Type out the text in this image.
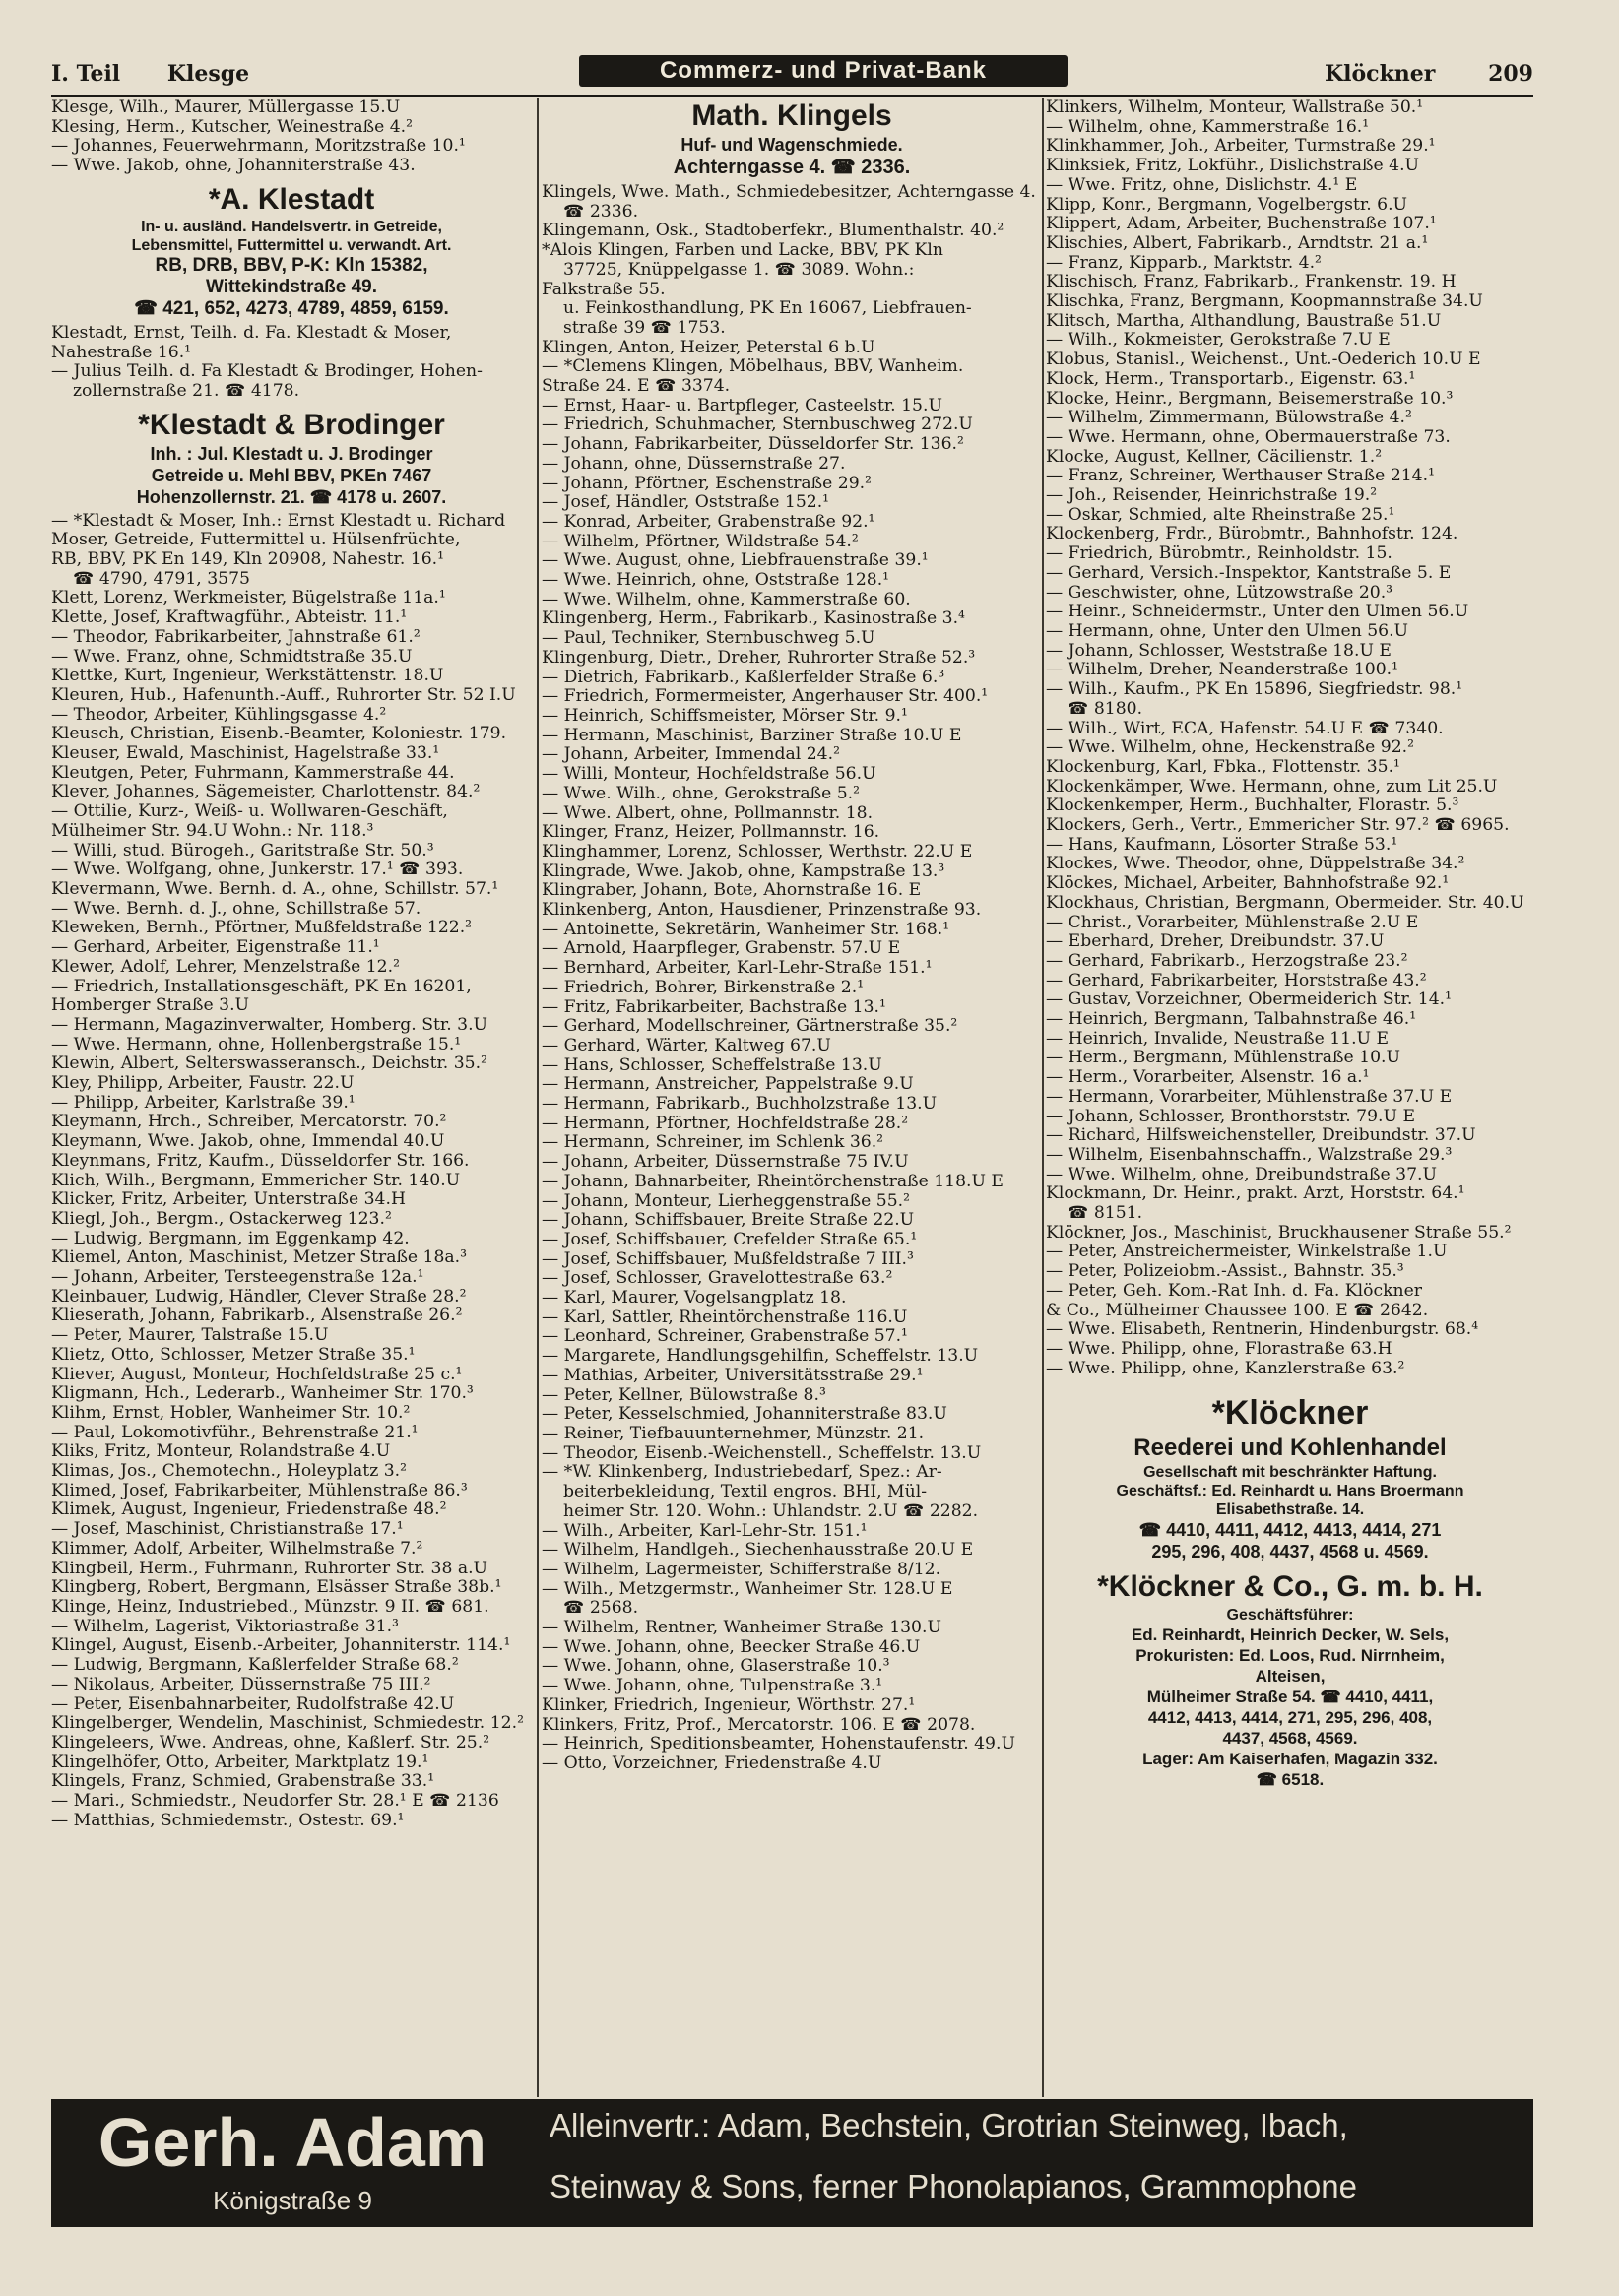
I. Teil Klesge	Commerz- und Privat-Bank	Klöckner 209
Klesge, Wilh., Maurer, Müllergasse 15.U
Klesing, Herm., Kutscher, Weinestraße 4.²
— Johannes, Feuerwehrmann, Moritzstraße 10.¹
— Wwe. Jakob, ohne, Johanniterstraße 43.
*A. Klestadt
In- u. ausländ. Handelsvertr. in Getreide,
Lebensmittel, Futtermittel u. verwandt. Art.
RB, DRB, BBV, P-K: Kln 15382,
Wittekindstraße 49.
☎ 421, 652, 4273, 4789, 4859, 6159.
Klestadt, Ernst, Teilh. d. Fa. Klestadt & Moser,
Nahestraße 16.¹
— Julius Teilh. d. Fa Klestadt & Brodinger, Hohen-
zollernstraße 21. ☎ 4178.
*Klestadt & Brodinger
Inh. : Jul. Klestadt u. J. Brodinger
Getreide u. Mehl BBV, PKEn 7467
Hohenzollernstr. 21. ☎ 4178 u. 2607.
— *Klestadt & Moser, Inh.: Ernst Klestadt u. Richard
Moser, Getreide, Futtermittel u. Hülsenfrüchte,
RB, BBV, PK En 149, Kln 20908, Nahestr. 16.¹
☎ 4790, 4791, 3575
Klett, Lorenz, Werkmeister, Bügelstraße 11a.¹
Klette, Josef, Kraftwagführ., Abteistr. 11.¹
— Theodor, Fabrikarbeiter, Jahnstraße 61.²
— Wwe. Franz, ohne, Schmidtstraße 35.U
Klettke, Kurt, Ingenieur, Werkstättenstr. 18.U
Kleuren, Hub., Hafenunth.-Auff., Ruhrorter Str. 52 I.U
— Theodor, Arbeiter, Kühlingsgasse 4.²
Kleusch, Christian, Eisenb.-Beamter, Koloniestr. 179.
Kleuser, Ewald, Maschinist, Hagelstraße 33.¹
Kleutgen, Peter, Fuhrmann, Kammerstraße 44.
Klever, Johannes, Sägemeister, Charlottenstr. 84.²
— Ottilie, Kurz-, Weiß- u. Wollwaren-Geschäft,
Mülheimer Str. 94.U Wohn.: Nr. 118.³
— Willi, stud. Bürogeh., Garitstraße Str. 50.³
— Wwe. Wolfgang, ohne, Junkerstr. 17.¹ ☎ 393.
Klevermann, Wwe. Bernh. d. A., ohne, Schillstr. 57.¹
— Wwe. Bernh. d. J., ohne, Schillstraße 57.
Kleweken, Bernh., Pförtner, Mußfeldstraße 122.²
— Gerhard, Arbeiter, Eigenstraße 11.¹
Klewer, Adolf, Lehrer, Menzelstraße 12.²
— Friedrich, Installationsgeschäft, PK En 16201,
Homberger Straße 3.U
— Hermann, Magazinverwalter, Homberg. Str. 3.U
— Wwe. Hermann, ohne, Hollenbergstraße 15.¹
Klewin, Albert, Selterswasseransch., Deichstr. 35.²
Kley, Philipp, Arbeiter, Faustr. 22.U
— Philipp, Arbeiter, Karlstraße 39.¹
Kleymann, Hrch., Schreiber, Mercatorstr. 70.²
Kleymann, Wwe. Jakob, ohne, Immendal 40.U
Kleynmans, Fritz, Kaufm., Düsseldorfer Str. 166.
Klich, Wilh., Bergmann, Emmericher Str. 140.U
Klicker, Fritz, Arbeiter, Unterstraße 34.H
Kliegl, Joh., Bergm., Ostackerweg 123.²
— Ludwig, Bergmann, im Eggenkamp 42.
Kliemel, Anton, Maschinist, Metzer Straße 18a.³
— Johann, Arbeiter, Tersteegenstraße 12a.¹
Kleinbauer, Ludwig, Händler, Clever Straße 28.²
Klieserath, Johann, Fabrikarb., Alsenstraße 26.²
— Peter, Maurer, Talstraße 15.U
Klietz, Otto, Schlosser, Metzer Straße 35.¹
Kliever, August, Monteur, Hochfeldstraße 25 c.¹
Kligmann, Hch., Lederarb., Wanheimer Str. 170.³
Klihm, Ernst, Hobler, Wanheimer Str. 10.²
— Paul, Lokomotivführ., Behrenstraße 21.¹
Kliks, Fritz, Monteur, Rolandstraße 4.U
Klimas, Jos., Chemotechn., Holeyplatz 3.²
Klimed, Josef, Fabrikarbeiter, Mühlenstraße 86.³
Klimek, August, Ingenieur, Friedenstraße 48.²
— Josef, Maschinist, Christianstraße 17.¹
Klimmer, Adolf, Arbeiter, Wilhelmstraße 7.²
Klingbeil, Herm., Fuhrmann, Ruhrorter Str. 38 a.U
Klingberg, Robert, Bergmann, Elsässer Straße 38b.¹
Klinge, Heinz, Industriebed., Münzstr. 9 II. ☎ 681.
— Wilhelm, Lagerist, Viktoriastraße 31.³
Klingel, August, Eisenb.-Arbeiter, Johanniterstr. 114.¹
— Ludwig, Bergmann, Kaßlerfelder Straße 68.²
— Nikolaus, Arbeiter, Düssernstraße 75 III.²
— Peter, Eisenbahnarbeiter, Rudolfstraße 42.U
Klingelberger, Wendelin, Maschinist, Schmiedestr. 12.²
Klingeleers, Wwe. Andreas, ohne, Kaßlerf. Str. 25.²
Klingelhöfer, Otto, Arbeiter, Marktplatz 19.¹
Klingels, Franz, Schmied, Grabenstraße 33.¹
— Mari., Schmiedstr., Neudorfer Str. 28.¹ E ☎ 2136
— Matthias, Schmiedemstr., Ostestr. 69.¹
Math. Klingels
Huf- und Wagenschmiede.
Achterngasse 4. ☎ 2336.
Klingels, Wwe. Math., Schmiedebesitzer, Achterngasse 4.
☎ 2336.
Klingemann, Osk., Stadtoberfekr., Blumenthalstr. 40.²
*Alois Klingen, Farben und Lacke, BBV, PK Kln
37725, Knüppelgasse 1. ☎ 3089. Wohn.:
Falkstraße 55.
u. Feinkosthandlung, PK En 16067, Liebfrauen-
straße 39 ☎ 1753.
Klingen, Anton, Heizer, Peterstal 6 b.U
— *Clemens Klingen, Möbelhaus, BBV, Wanheim.
Straße 24. E ☎ 3374.
— Ernst, Haar- u. Bartpfleger, Casteelstr. 15.U
— Friedrich, Schuhmacher, Sternbuschweg 272.U
— Johann, Fabrikarbeiter, Düsseldorfer Str. 136.²
— Johann, ohne, Düssernstraße 27.
— Johann, Pförtner, Eschenstraße 29.²
— Josef, Händler, Oststraße 152.¹
— Konrad, Arbeiter, Grabenstraße 92.¹
— Wilhelm, Pförtner, Wildstraße 54.²
— Wwe. August, ohne, Liebfrauenstraße 39.¹
— Wwe. Heinrich, ohne, Oststraße 128.¹
— Wwe. Wilhelm, ohne, Kammerstraße 60.
Klingenberg, Herm., Fabrikarb., Kasinostraße 3.⁴
— Paul, Techniker, Sternbuschweg 5.U
Klingenburg, Dietr., Dreher, Ruhrorter Straße 52.³
— Dietrich, Fabrikarb., Kaßlerfelder Straße 6.³
— Friedrich, Formermeister, Angerhauser Str. 400.¹
— Heinrich, Schiffsmeister, Mörser Str. 9.¹
— Hermann, Maschinist, Barziner Straße 10.U E
— Johann, Arbeiter, Immendal 24.²
— Willi, Monteur, Hochfeldstraße 56.U
— Wwe. Wilh., ohne, Gerokstraße 5.²
— Wwe. Albert, ohne, Pollmannstr. 18.
Klinger, Franz, Heizer, Pollmannstr. 16.
Klinghammer, Lorenz, Schlosser, Werthstr. 22.U E
Klingrade, Wwe. Jakob, ohne, Kampstraße 13.³
Klingraber, Johann, Bote, Ahornstraße 16. E
Klinkenberg, Anton, Hausdiener, Prinzenstraße 93.
— Antoinette, Sekretärin, Wanheimer Str. 168.¹
— Arnold, Haarpfleger, Grabenstr. 57.U E
— Bernhard, Arbeiter, Karl-Lehr-Straße 151.¹
— Friedrich, Bohrer, Birkenstraße 2.¹
— Fritz, Fabrikarbeiter, Bachstraße 13.¹
— Gerhard, Modellschreiner, Gärtnerstraße 35.²
— Gerhard, Wärter, Kaltweg 67.U
— Hans, Schlosser, Scheffelstraße 13.U
— Hermann, Anstreicher, Pappelstraße 9.U
— Hermann, Fabrikarb., Buchholzstraße 13.U
— Hermann, Pförtner, Hochfeldstraße 28.²
— Hermann, Schreiner, im Schlenk 36.²
— Johann, Arbeiter, Düssernstraße 75 IV.U
— Johann, Bahnarbeiter, Rheintörchenstraße 118.U E
— Johann, Monteur, Lierheggenstraße 55.²
— Johann, Schiffsbauer, Breite Straße 22.U
— Josef, Schiffsbauer, Crefelder Straße 65.¹
— Josef, Schiffsbauer, Mußfeldstraße 7 III.³
— Josef, Schlosser, Gravelottestraße 63.²
— Karl, Maurer, Vogelsangplatz 18.
— Karl, Sattler, Rheintörchenstraße 116.U
— Leonhard, Schreiner, Grabenstraße 57.¹
— Margarete, Handlungsgehilfin, Scheffelstr. 13.U
— Mathias, Arbeiter, Universitätsstraße 29.¹
— Peter, Kellner, Bülowstraße 8.³
— Peter, Kesselschmied, Johanniterstraße 83.U
— Reiner, Tiefbauunternehmer, Münzstr. 21.
— Theodor, Eisenb.-Weichenstell., Scheffelstr. 13.U
— *W. Klinkenberg, Industriebedarf, Spez.: Ar-
beiterbekleidung, Textil engros. BHI, Mül-
heimer Str. 120. Wohn.: Uhlandstr. 2.U ☎ 2282.
— Wilh., Arbeiter, Karl-Lehr-Str. 151.¹
— Wilhelm, Handlgeh., Siechenhausstraße 20.U E
— Wilhelm, Lagermeister, Schifferstraße 8/12.
— Wilh., Metzgermstr., Wanheimer Str. 128.U E
☎ 2568.
— Wilhelm, Rentner, Wanheimer Straße 130.U
— Wwe. Johann, ohne, Beecker Straße 46.U
— Wwe. Johann, ohne, Glaserstraße 10.³
— Wwe. Johann, ohne, Tulpenstraße 3.¹
Klinker, Friedrich, Ingenieur, Wörthstr. 27.¹
Klinkers, Fritz, Prof., Mercatorstr. 106. E ☎ 2078.
— Heinrich, Speditionsbeamter, Hohenstaufenstr. 49.U
— Otto, Vorzeichner, Friedenstraße 4.U
Klinkers, Wilhelm, Monteur, Wallstraße 50.¹
— Wilhelm, ohne, Kammerstraße 16.¹
Klinkhammer, Joh., Arbeiter, Turmstraße 29.¹
Klinksiek, Fritz, Lokführ., Dislichstraße 4.U
— Wwe. Fritz, ohne, Dislichstr. 4.¹ E
Klipp, Konr., Bergmann, Vogelbergstr. 6.U
Klippert, Adam, Arbeiter, Buchenstraße 107.¹
Klischies, Albert, Fabrikarb., Arndtstr. 21 a.¹
— Franz, Kipparb., Marktstr. 4.²
Klischisch, Franz, Fabrikarb., Frankenstr. 19. H
Klischka, Franz, Bergmann, Koopmannstraße 34.U
Klitsch, Martha, Althandlung, Baustraße 51.U
— Wilh., Kokmeister, Gerokstraße 7.U E
Klobus, Stanisl., Weichenst., Unt.-Oederich 10.U E
Klock, Herm., Transportarb., Eigenstr. 63.¹
Klocke, Heinr., Bergmann, Beisemerstraße 10.³
— Wilhelm, Zimmermann, Bülowstraße 4.²
— Wwe. Hermann, ohne, Obermauerstraße 73.
Klocke, August, Kellner, Cäcilienstr. 1.²
— Franz, Schreiner, Werthauser Straße 214.¹
— Joh., Reisender, Heinrichstraße 19.²
— Oskar, Schmied, alte Rheinstraße 25.¹
Klockenberg, Frdr., Bürobmtr., Bahnhofstr. 124.
— Friedrich, Bürobmtr., Reinholdstr. 15.
— Gerhard, Versich.-Inspektor, Kantstraße 5. E
— Geschwister, ohne, Lützowstraße 20.³
— Heinr., Schneidermstr., Unter den Ulmen 56.U
— Hermann, ohne, Unter den Ulmen 56.U
— Johann, Schlosser, Weststraße 18.U E
— Wilhelm, Dreher, Neanderstraße 100.¹
— Wilh., Kaufm., PK En 15896, Siegfriedstr. 98.¹
☎ 8180.
— Wilh., Wirt, ECA, Hafenstr. 54.U E ☎ 7340.
— Wwe. Wilhelm, ohne, Heckenstraße 92.²
Klockenburg, Karl, Fbka., Flottenstr. 35.¹
Klockenkämper, Wwe. Hermann, ohne, zum Lit 25.U
Klockenkemper, Herm., Buchhalter, Florastr. 5.³
Klockers, Gerh., Vertr., Emmericher Str. 97.² ☎ 6965.
— Hans, Kaufmann, Lösorter Straße 53.¹
Klockes, Wwe. Theodor, ohne, Düppelstraße 34.²
Klöckes, Michael, Arbeiter, Bahnhofstraße 92.¹
Klockhaus, Christian, Bergmann, Obermeider. Str. 40.U
— Christ., Vorarbeiter, Mühlenstraße 2.U E
— Eberhard, Dreher, Dreibundstr. 37.U
— Gerhard, Fabrikarb., Herzogstraße 23.²
— Gerhard, Fabrikarbeiter, Horststraße 43.²
— Gustav, Vorzeichner, Obermeiderich Str. 14.¹
— Heinrich, Bergmann, Talbahnstraße 46.¹
— Heinrich, Invalide, Neustraße 11.U E
— Herm., Bergmann, Mühlenstraße 10.U
— Herm., Vorarbeiter, Alsenstr. 16 a.¹
— Hermann, Vorarbeiter, Mühlenstraße 37.U E
— Johann, Schlosser, Bronthorststr. 79.U E
— Richard, Hilfsweichensteller, Dreibundstr. 37.U
— Wilhelm, Eisenbahnschaffn., Walzstraße 29.³
— Wwe. Wilhelm, ohne, Dreibundstraße 37.U
Klockmann, Dr. Heinr., prakt. Arzt, Horststr. 64.¹
☎ 8151.
Klöckner, Jos., Maschinist, Bruckhausener Straße 55.²
— Peter, Anstreichermeister, Winkelstraße 1.U
— Peter, Polizeiobm.-Assist., Bahnstr. 35.³
— Peter, Geh. Kom.-Rat Inh. d. Fa. Klöckner
& Co., Mülheimer Chaussee 100. E ☎ 2642.
— Wwe. Elisabeth, Rentnerin, Hindenburgstr. 68.⁴
— Wwe. Philipp, ohne, Florastraße 63.H
— Wwe. Philipp, ohne, Kanzlerstraße 63.²
*Klöckner
Reederei und Kohlenhandel
Gesellschaft mit beschränkter Haftung.
Geschäftsf.: Ed. Reinhardt u. Hans Broermann
Elisabethstraße. 14.
☎ 4410, 4411, 4412, 4413, 4414, 271
295, 296, 408, 4437, 4568 u. 4569.
*Klöckner & Co., G. m. b. H.
Geschäftsführer:
Ed. Reinhardt, Heinrich Decker, W. Sels,
Prokuristen: Ed. Loos, Rud. Nirrnheim,
Alteisen,
Mülheimer Straße 54. ☎ 4410, 4411,
4412, 4413, 4414, 271, 295, 296, 408,
4437, 4568, 4569.
Lager: Am Kaiserhafen, Magazin 332.
☎ 6518.
Gerh. Adam
Königstraße 9
Alleinvertr.: Adam, Bechstein, Grotrian Steinweg, Ibach,
Steinway & Sons, ferner Phonolapianos, Grammophone
